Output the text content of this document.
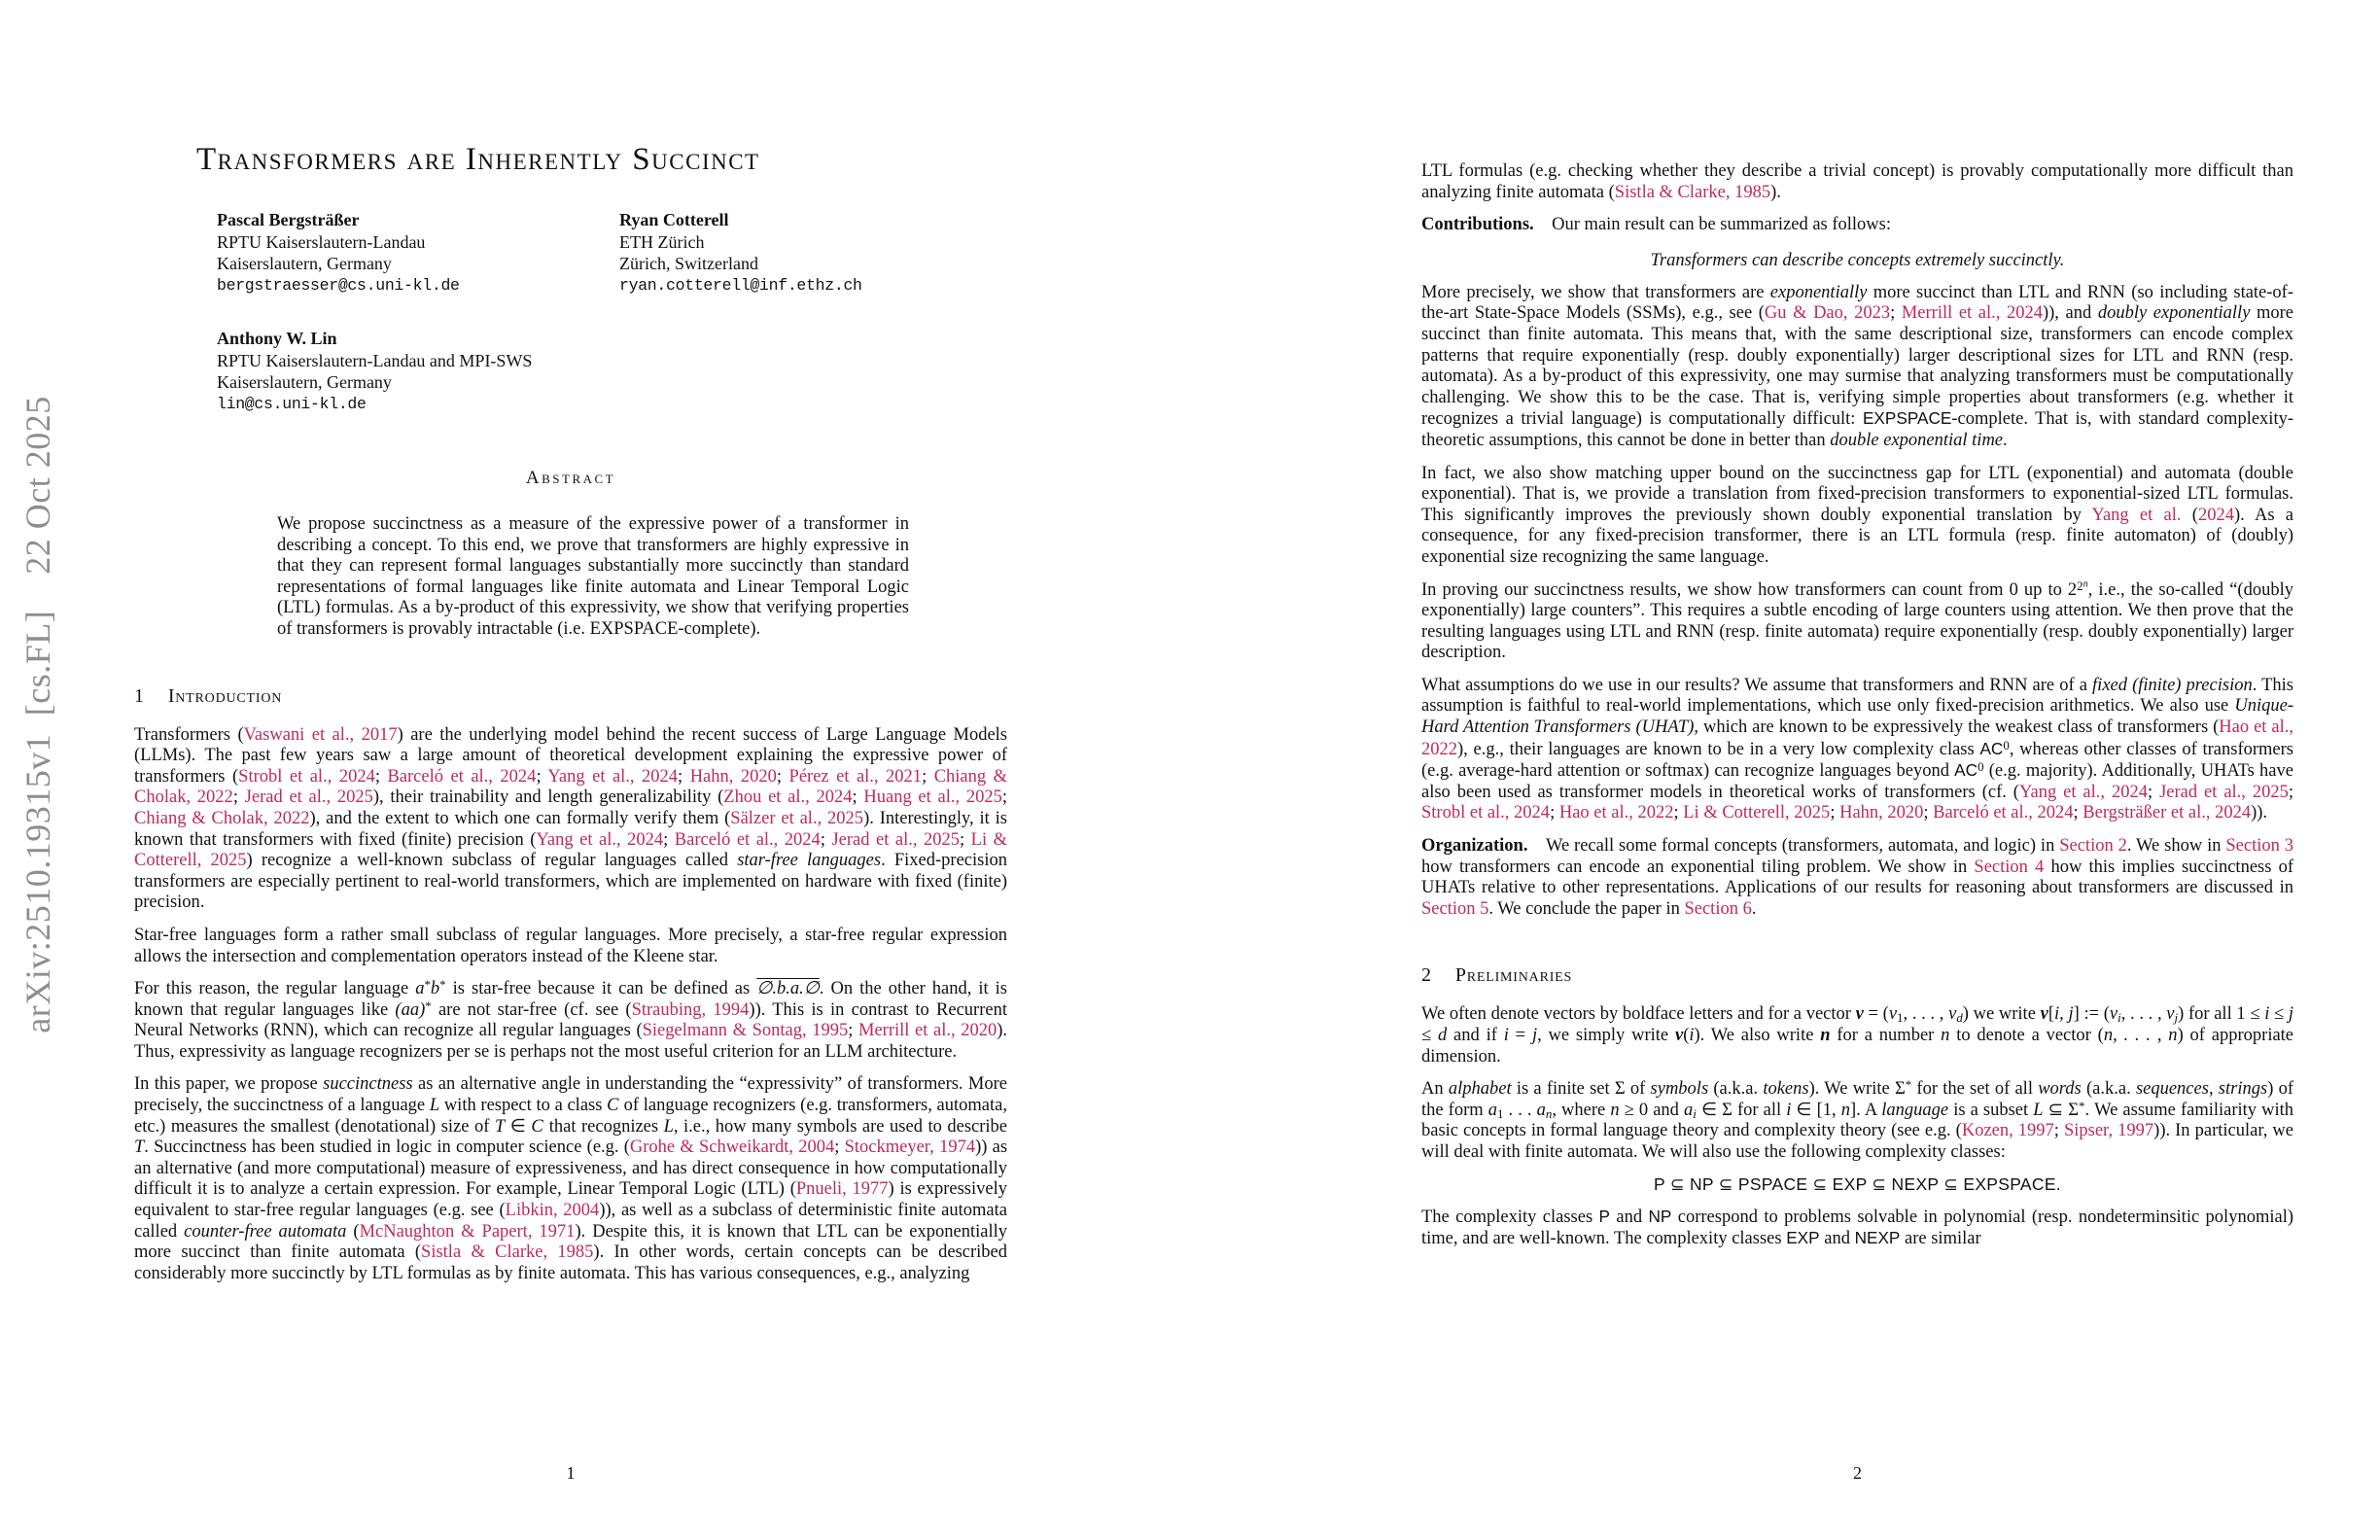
arXiv:2510.19315v1 [cs.FL]  22 Oct 2025
Transformers are Inherently Succinct
Pascal Bergsträßer
RPTU Kaiserslautern-Landau
Kaiserslautern, Germany
bergstraesser@cs.uni-kl.de
Ryan Cotterell
ETH Zürich
Zürich, Switzerland
ryan.cotterell@inf.ethz.ch
Anthony W. Lin
RPTU Kaiserslautern-Landau and MPI-SWS
Kaiserslautern, Germany
lin@cs.uni-kl.de
Abstract

We propose succinctness as a measure of the expressive power of a transformer in describing a concept. To this end, we prove that transformers are highly expressive in that they can represent formal languages substantially more succinctly than standard representations of formal languages like finite automata and Linear Temporal Logic (LTL) formulas. As a by-product of this expressivity, we show that verifying properties of transformers is provably intractable (i.e. EXPSPACE-complete).

1 Introduction

Transformers (Vaswani et al., 2017) are the underlying model behind the recent success of Large Language Models (LLMs). The past few years saw a large amount of theoretical development explaining the expressive power of transformers (Strobl et al., 2024; Barceló et al., 2024; Yang et al., 2024; Hahn, 2020; Pérez et al., 2021; Chiang & Cholak, 2022; Jerad et al., 2025), their trainability and length generalizability (Zhou et al., 2024; Huang et al., 2025; Chiang & Cholak, 2022), and the extent to which one can formally verify them (Sälzer et al., 2025). Interestingly, it is known that transformers with fixed (finite) precision (Yang et al., 2024; Barceló et al., 2024; Jerad et al., 2025; Li & Cotterell, 2025) recognize a well-known subclass of regular languages called star-free languages. Fixed-precision transformers are especially pertinent to real-world transformers, which are implemented on hardware with fixed (finite) precision.

Star-free languages form a rather small subclass of regular languages. More precisely, a star-free regular expression allows the intersection and complementation operators instead of the Kleene star.

For this reason, the regular language a*b* is star-free because it can be defined as ∅.b.a.∅. On the other hand, it is known that regular languages like (aa)* are not star-free (cf. see (Straubing, 1994)). This is in contrast to Recurrent Neural Networks (RNN), which can recognize all regular languages (Siegelmann & Sontag, 1995; Merrill et al., 2020). Thus, expressivity as language recognizers per se is perhaps not the most useful criterion for an LLM architecture.

In this paper, we propose succinctness as an alternative angle in understanding the “expressivity” of transformers. More precisely, the succinctness of a language L with respect to a class C of language recognizers (e.g. transformers, automata, etc.) measures the smallest (denotational) size of T ∈ C that recognizes L, i.e., how many symbols are used to describe T. Succinctness has been studied in logic in computer science (e.g. (Grohe & Schweikardt, 2004; Stockmeyer, 1974)) as an alternative (and more computational) measure of expressiveness, and has direct consequence in how computationally difficult it is to analyze a certain expression. For example, Linear Temporal Logic (LTL) (Pnueli, 1977) is expressively equivalent to star-free regular languages (e.g. see (Libkin, 2004)), as well as a subclass of deterministic finite automata called counter-free automata (McNaughton & Papert, 1971). Despite this, it is known that LTL can be exponentially more succinct than finite automata (Sistla & Clarke, 1985). In other words, certain concepts can be described considerably more succinctly by LTL formulas as by finite automata. This has various consequences, e.g., analyzing

1

LTL formulas (e.g. checking whether they describe a trivial concept) is provably computationally more difficult than analyzing finite automata (Sistla & Clarke, 1985).

Contributions. Our main result can be summarized as follows:

Transformers can describe concepts extremely succinctly.

More precisely, we show that transformers are exponentially more succinct than LTL and RNN (so including state-of-the-art State-Space Models (SSMs), e.g., see (Gu & Dao, 2023; Merrill et al., 2024)), and doubly exponentially more succinct than finite automata. This means that, with the same descriptional size, transformers can encode complex patterns that require exponentially (resp. doubly exponentially) larger descriptional sizes for LTL and RNN (resp. automata). As a by-product of this expressivity, one may surmise that analyzing transformers must be computationally challenging. We show this to be the case. That is, verifying simple properties about transformers (e.g. whether it recognizes a trivial language) is computationally difficult: EXPSPACE-complete. That is, with standard complexity-theoretic assumptions, this cannot be done in better than double exponential time.

In fact, we also show matching upper bound on the succinctness gap for LTL (exponential) and automata (double exponential). That is, we provide a translation from fixed-precision transformers to exponential-sized LTL formulas. This significantly improves the previously shown doubly exponential translation by Yang et al. (2024). As a consequence, for any fixed-precision transformer, there is an LTL formula (resp. finite automaton) of (doubly) exponential size recognizing the same language.

In proving our succinctness results, we show how transformers can count from 0 up to $2^{2n}$, i.e., the so-called “(doubly exponentially) large counters”. This requires a subtle encoding of large counters using attention. We then prove that the resulting languages using LTL and RNN (resp. finite automata) require exponentially (resp. doubly exponentially) larger description.

What assumptions do we use in our results? We assume that transformers and RNN are of a fixed (finite) precision. This assumption is faithful to real-world implementations, which use only fixed-precision arithmetics. We also use Unique-Hard Attention Transformers (UHAT), which are known to be expressively the weakest class of transformers (Hao et al., 2022), e.g., their languages are known to be in a very low complexity class $AC^0$, whereas other classes of transformers (e.g. average-hard attention or softmax) can recognize languages beyond $AC^0$ (e.g. majority). Additionally, UHATs have also been used as transformer models in theoretical works of transformers (cf. (Yang et al., 2024; Jerad et al., 2025; Strobl et al., 2024; Hao et al., 2022; Li & Cotterell, 2025; Hahn, 2020; Barceló et al., 2024; Bergsträßer et al., 2024)).

Organization. We recall some formal concepts (transformers, automata, and logic) in Section 2. We show in Section 3 how transformers can encode an exponential tiling problem. We show in Section 4 how this implies succinctness of UHATs relative to other representations. Applications of our results for reasoning about transformers are discussed in Section 5. We conclude the paper in Section 6.

2 Preliminaries

We often denote vectors by boldface letters and for a vector $v = (v_1$, . . . , $v_d$) we write v[i, j] := ($v_i$, . . . , $v_j$) for all 1 ≤ i ≤ j ≤ d and if i = j, we simply write v(i). We also write n for a number n to denote a vector (n, . . . , n) of appropriate dimension.

An alphabet is a finite set Σ of symbols (a.k.a. tokens). We write Σ* for the set of all words (a.k.a. sequences, strings) of the form $a_1$ . . . $a_n$, where n ≥ 0 and $a_i$ ∈ Σ for all i ∈ [1, n]. A language is a subset L ⊆ Σ*. We assume familiarity with basic concepts in formal language theory and complexity theory (see e.g. (Kozen, 1997; Sipser, 1997)). In particular, we will deal with finite automata. We will also use the following complexity classes:

P ⊆ NP ⊆ PSPACE ⊆ EXP ⊆ NEXP ⊆ EXPSPACE.

The complexity classes P and NP correspond to problems solvable in polynomial (resp. nondeterminsitic polynomial) time, and are well-known. The complexity classes EXP and NEXP are similar

2
